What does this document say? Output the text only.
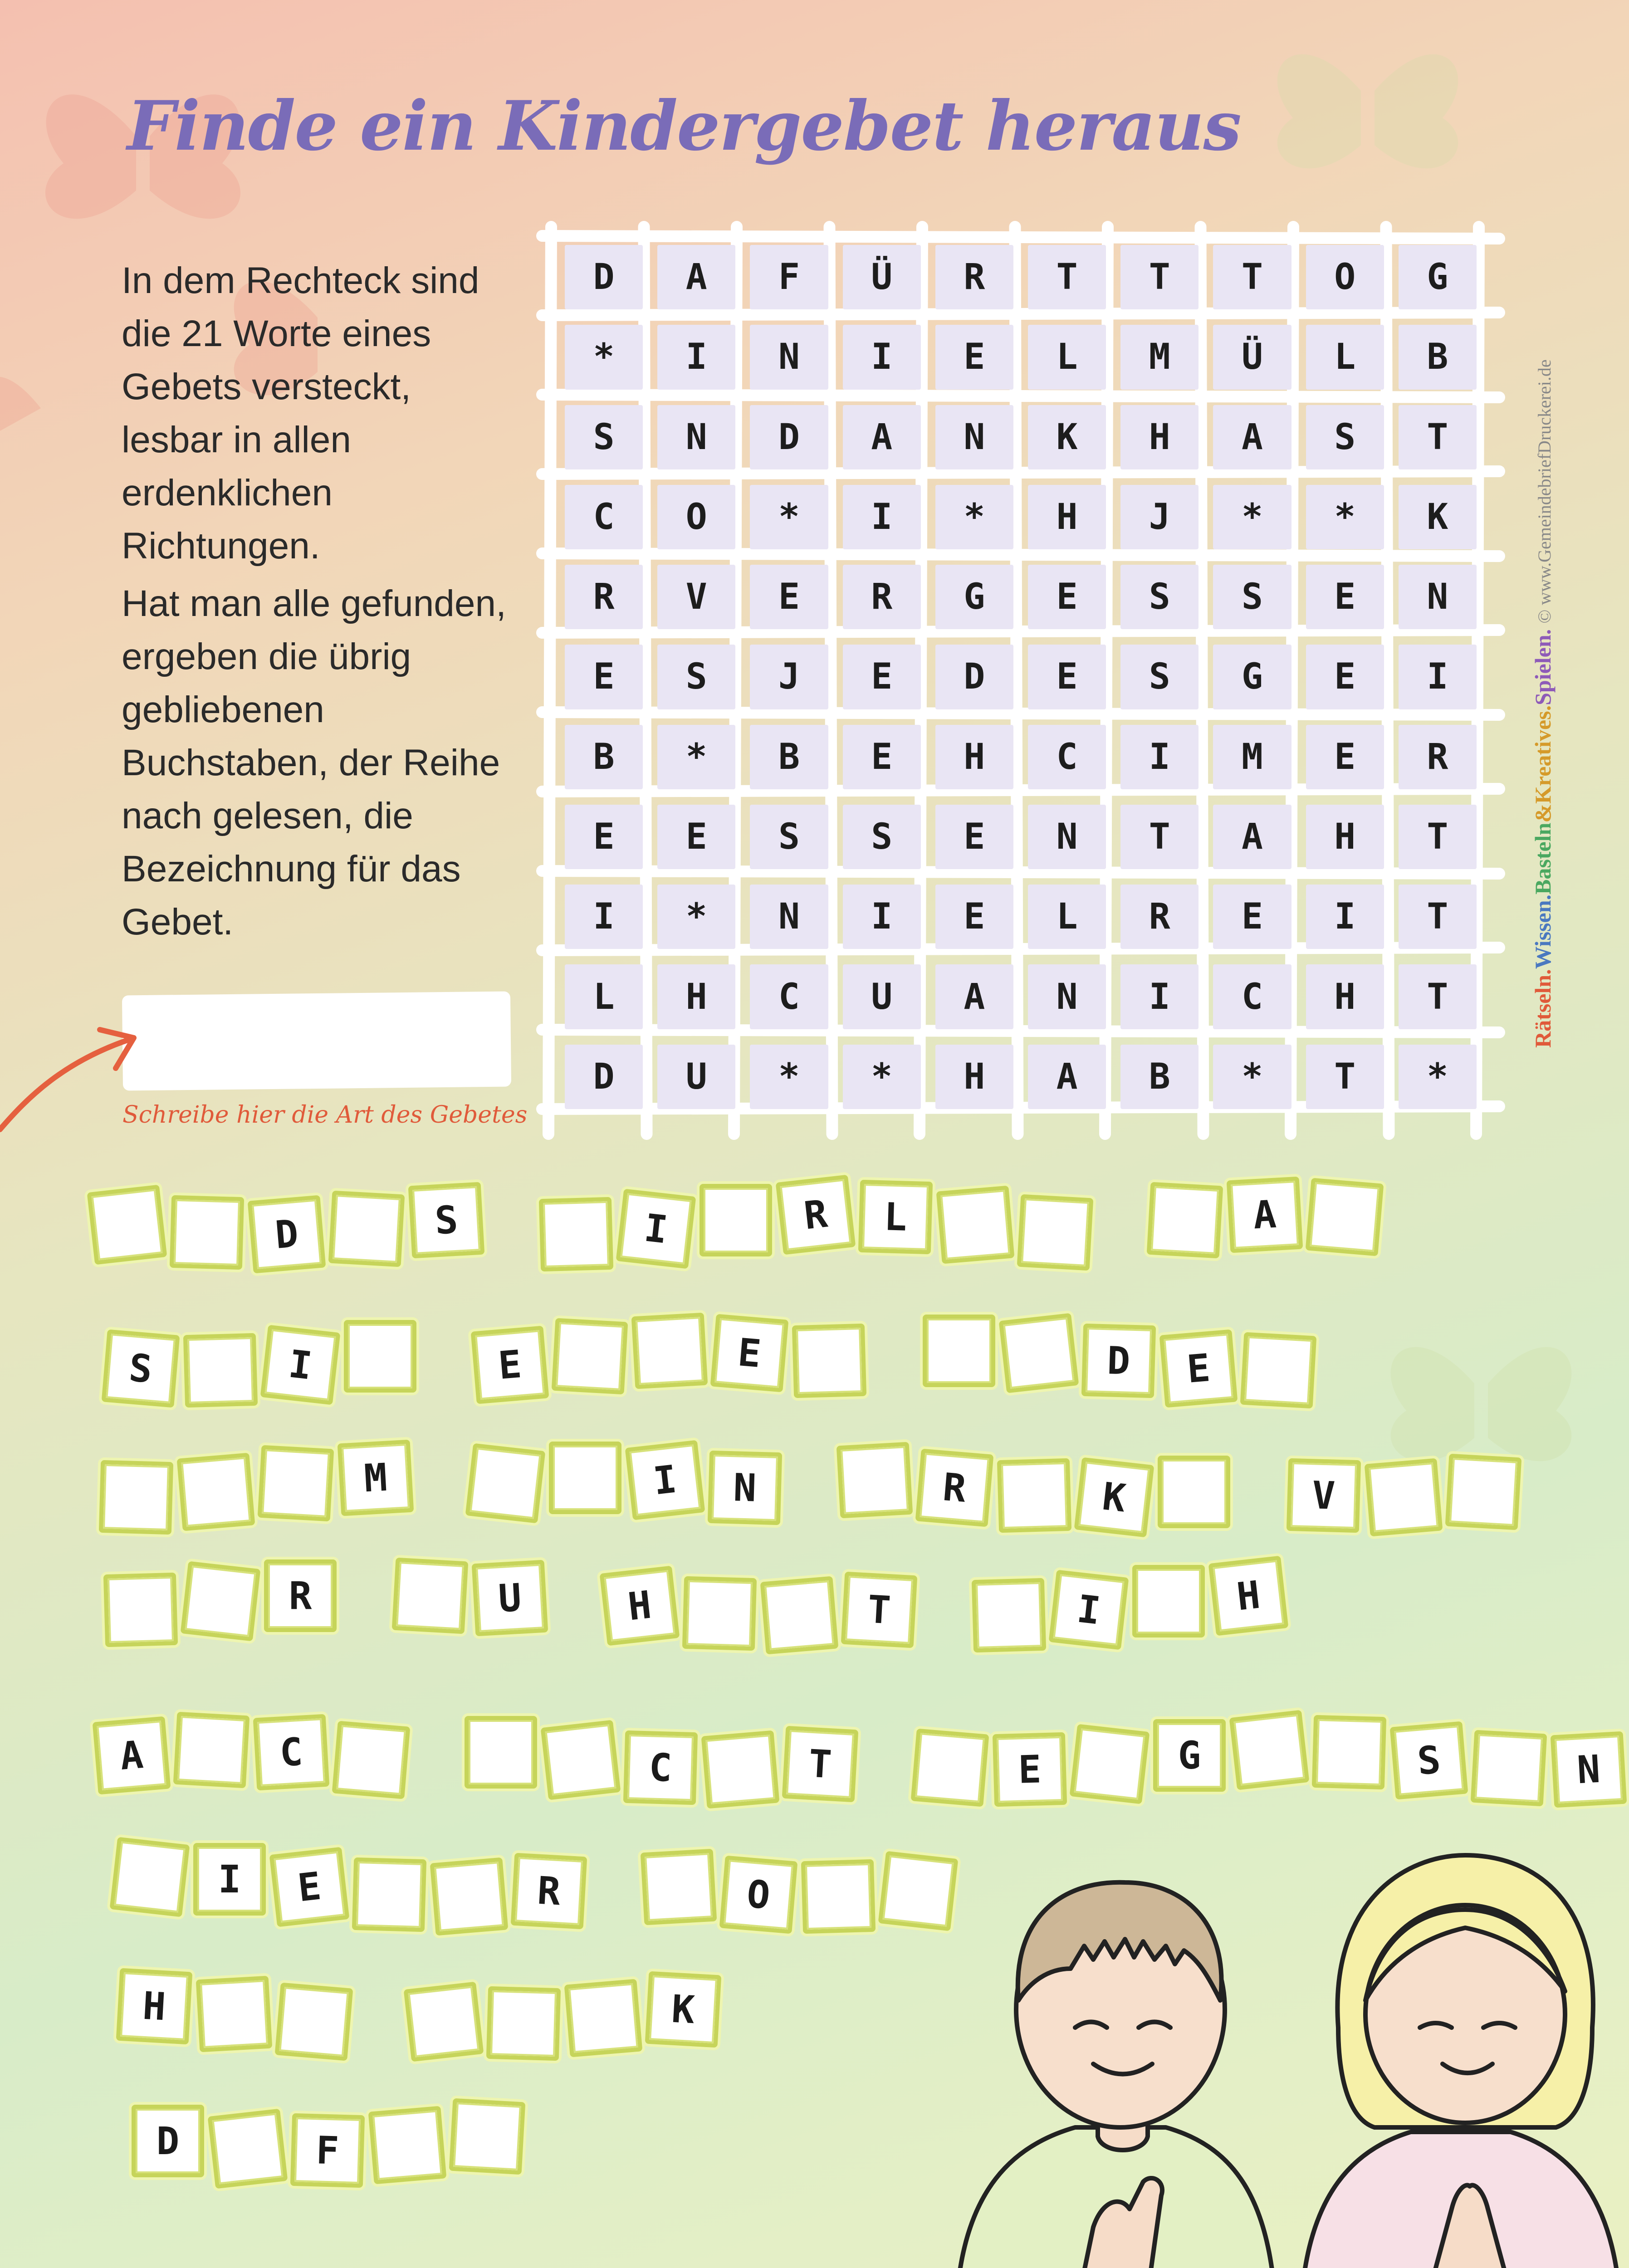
Finde ein Kindergebet heraus

In dem Rechteck sind die 21 Worte eines Gebets versteckt, lesbar in allen erdenklichen Richtungen.

Hat man alle gefunden, ergeben die übrig gebliebenen Buchstaben, der Reihe nach gelesen, die Bezeichnung für das Gebet.

Schreibe hier die Art des Gebetes
D	A	F	Ü	R	T	T	T	O	G
*	I	N	I	E	L	M	Ü	L	B
S	N	D	A	N	K	H	A	S	T
C	O	*	I	*	H	J	*	*	K
R	V	E	R	G	E	S	S	E	N
E	S	J	E	D	E	S	G	E	I
B	*	B	E	H	C	I	M	E	R
E	E	S	S	E	N	T	A	H	T
I	*	N	I	E	L	R	E	I	T
L	H	C	U	A	N	I	C	H	T
D	U	*	*	H	A	B	*	T	*
Rätseln.Wissen.Basteln&Kreatives.Spielen. © www.GemeindebriefDruckerei.de
D	S	I	R	L	A
S	I	E	E	D	E
M	I	N	R	K	V
R	U	H	T	I	H
A	C	C	T	E	G	S	N
I	E	R	O
H	K
D	F
